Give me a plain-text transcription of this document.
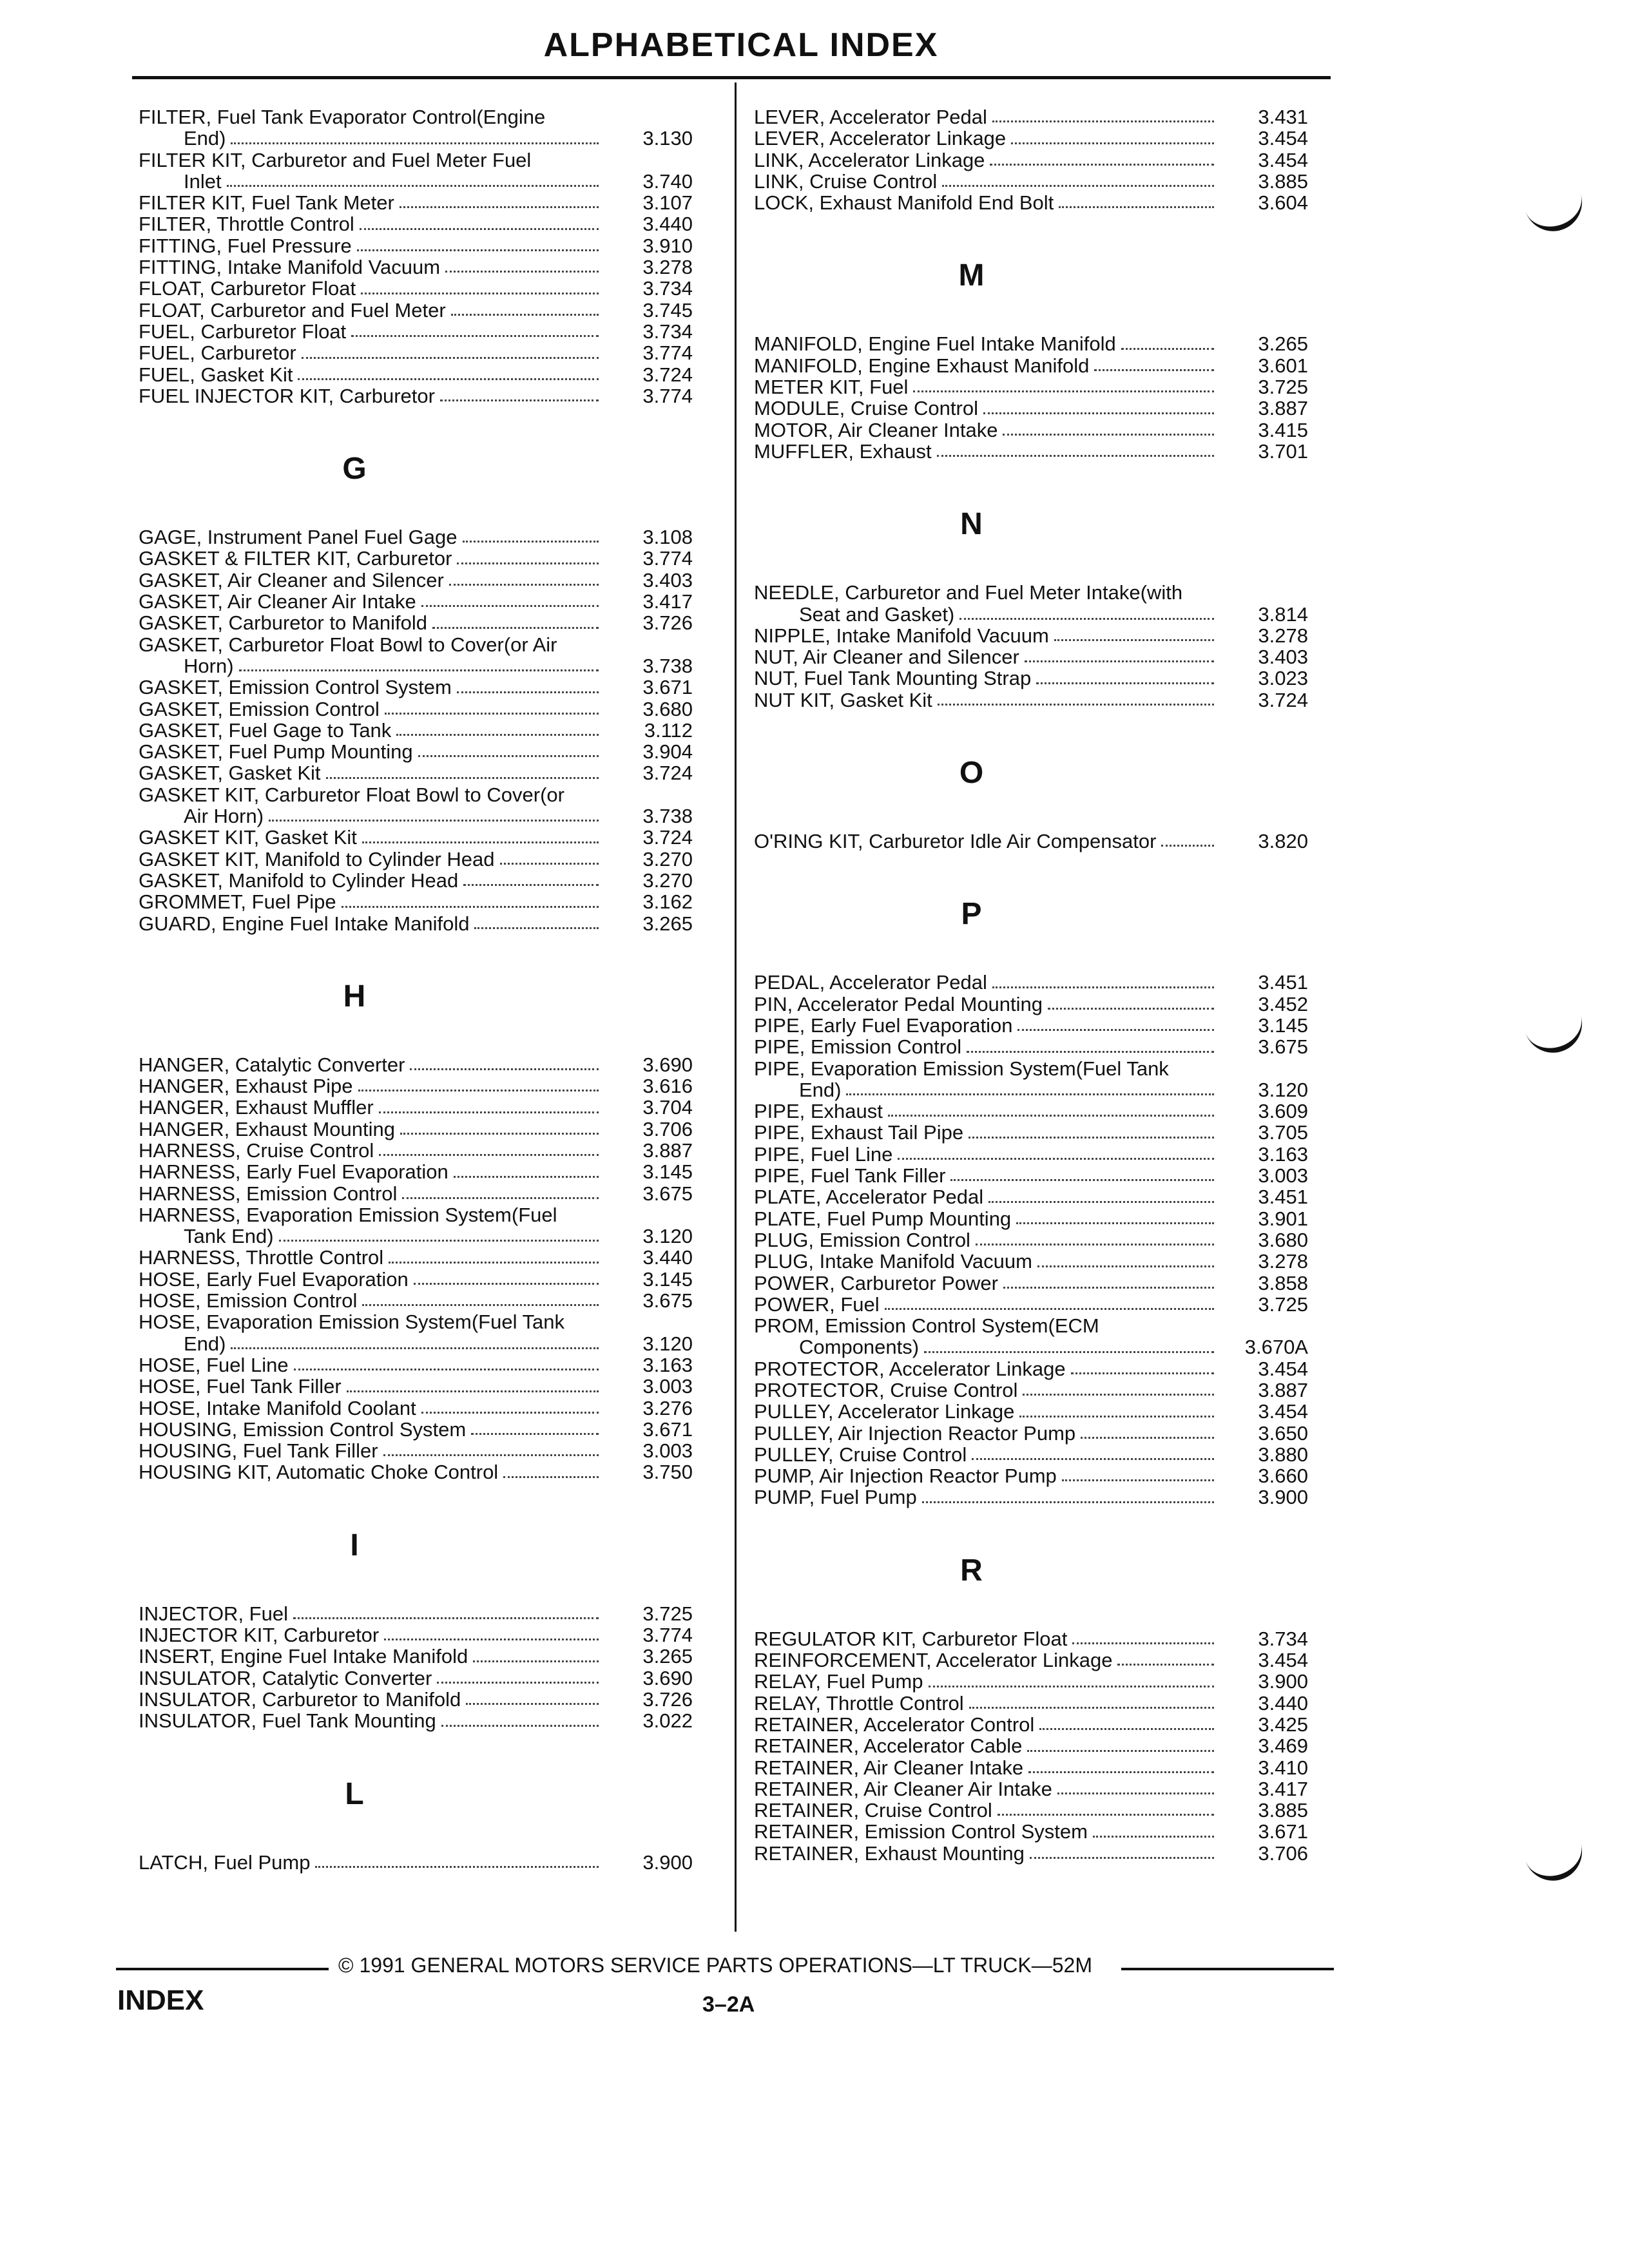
ALPHABETICAL INDEX
FILTER, Fuel Tank Evaporator Control(Engine
End)	3.130
FILTER KIT, Carburetor and Fuel Meter Fuel
Inlet	3.740
FILTER KIT, Fuel Tank Meter	3.107
FILTER, Throttle Control	3.440
FITTING, Fuel Pressure	3.910
FITTING, Intake Manifold Vacuum	3.278
FLOAT, Carburetor Float	3.734
FLOAT, Carburetor and Fuel Meter	3.745
FUEL, Carburetor Float	3.734
FUEL, Carburetor	3.774
FUEL, Gasket Kit	3.724
FUEL INJECTOR KIT, Carburetor	3.774
G
GAGE, Instrument Panel Fuel Gage	3.108
GASKET & FILTER KIT, Carburetor	3.774
GASKET, Air Cleaner and Silencer	3.403
GASKET, Air Cleaner Air Intake	3.417
GASKET, Carburetor to Manifold	3.726
GASKET, Carburetor Float Bowl to Cover(or Air
Horn)	3.738
GASKET, Emission Control System	3.671
GASKET, Emission Control	3.680
GASKET, Fuel Gage to Tank	3.112
GASKET, Fuel Pump Mounting	3.904
GASKET, Gasket Kit	3.724
GASKET KIT, Carburetor Float Bowl to Cover(or
Air Horn)	3.738
GASKET KIT, Gasket Kit	3.724
GASKET KIT, Manifold to Cylinder Head	3.270
GASKET, Manifold to Cylinder Head	3.270
GROMMET, Fuel Pipe	3.162
GUARD, Engine Fuel Intake Manifold	3.265
H
HANGER, Catalytic Converter	3.690
HANGER, Exhaust Pipe	3.616
HANGER, Exhaust Muffler	3.704
HANGER, Exhaust Mounting	3.706
HARNESS, Cruise Control	3.887
HARNESS, Early Fuel Evaporation	3.145
HARNESS, Emission Control	3.675
HARNESS, Evaporation Emission System(Fuel
Tank End)	3.120
HARNESS, Throttle Control	3.440
HOSE, Early Fuel Evaporation	3.145
HOSE, Emission Control	3.675
HOSE, Evaporation Emission System(Fuel Tank
End)	3.120
HOSE, Fuel Line	3.163
HOSE, Fuel Tank Filler	3.003
HOSE, Intake Manifold Coolant	3.276
HOUSING, Emission Control System	3.671
HOUSING, Fuel Tank Filler	3.003
HOUSING KIT, Automatic Choke Control	3.750
I
INJECTOR, Fuel	3.725
INJECTOR KIT, Carburetor	3.774
INSERT, Engine Fuel Intake Manifold	3.265
INSULATOR, Catalytic Converter	3.690
INSULATOR, Carburetor to Manifold	3.726
INSULATOR, Fuel Tank Mounting	3.022
L
LATCH, Fuel Pump	3.900
LEVER, Accelerator Pedal	3.431
LEVER, Accelerator Linkage	3.454
LINK, Accelerator Linkage	3.454
LINK, Cruise Control	3.885
LOCK, Exhaust Manifold End Bolt	3.604
M
MANIFOLD, Engine Fuel Intake Manifold	3.265
MANIFOLD, Engine Exhaust Manifold	3.601
METER KIT, Fuel	3.725
MODULE, Cruise Control	3.887
MOTOR, Air Cleaner Intake	3.415
MUFFLER, Exhaust	3.701
N
NEEDLE, Carburetor and Fuel Meter Intake(with
Seat and Gasket)	3.814
NIPPLE, Intake Manifold Vacuum	3.278
NUT, Air Cleaner and Silencer	3.403
NUT, Fuel Tank Mounting Strap	3.023
NUT KIT, Gasket Kit	3.724
O
O'RING KIT, Carburetor Idle Air Compensator	3.820
P
PEDAL, Accelerator Pedal	3.451
PIN, Accelerator Pedal Mounting	3.452
PIPE, Early Fuel Evaporation	3.145
PIPE, Emission Control	3.675
PIPE, Evaporation Emission System(Fuel Tank
End)	3.120
PIPE, Exhaust	3.609
PIPE, Exhaust Tail Pipe	3.705
PIPE, Fuel Line	3.163
PIPE, Fuel Tank Filler	3.003
PLATE, Accelerator Pedal	3.451
PLATE, Fuel Pump Mounting	3.901
PLUG, Emission Control	3.680
PLUG, Intake Manifold Vacuum	3.278
POWER, Carburetor Power	3.858
POWER, Fuel	3.725
PROM, Emission Control System(ECM
Components)	3.670A
PROTECTOR, Accelerator Linkage	3.454
PROTECTOR, Cruise Control	3.887
PULLEY, Accelerator Linkage	3.454
PULLEY, Air Injection Reactor Pump	3.650
PULLEY, Cruise Control	3.880
PUMP, Air Injection Reactor Pump	3.660
PUMP, Fuel Pump	3.900
R
REGULATOR KIT, Carburetor Float	3.734
REINFORCEMENT, Accelerator Linkage	3.454
RELAY, Fuel Pump	3.900
RELAY, Throttle Control	3.440
RETAINER, Accelerator Control	3.425
RETAINER, Accelerator Cable	3.469
RETAINER, Air Cleaner Intake	3.410
RETAINER, Air Cleaner Air Intake	3.417
RETAINER, Cruise Control	3.885
RETAINER, Emission Control System	3.671
RETAINER, Exhaust Mounting	3.706
© 1991 GENERAL MOTORS SERVICE PARTS OPERATIONS—LT TRUCK—52M
INDEX	3–2A
